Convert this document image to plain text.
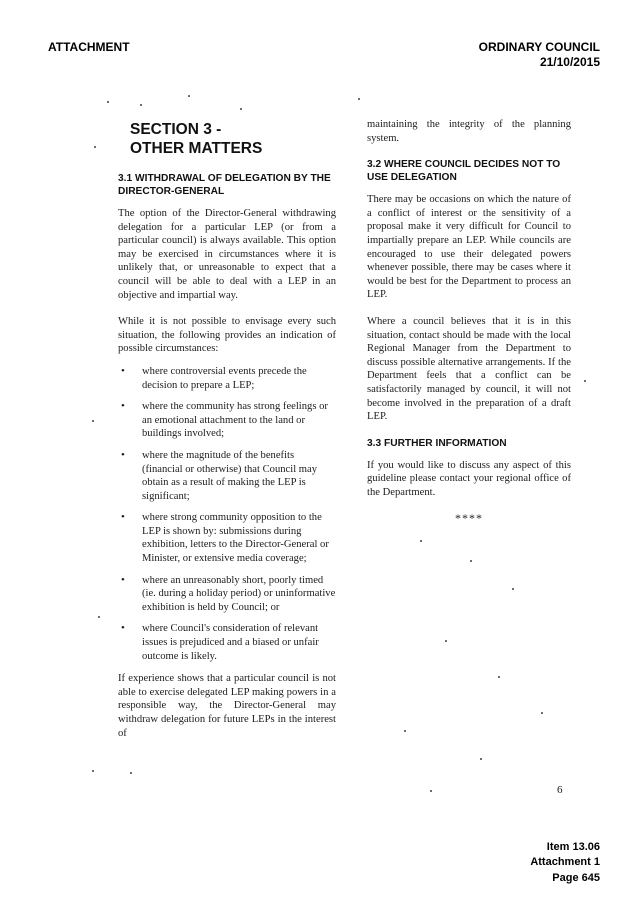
ATTACHMENT	ORDINARY COUNCIL
21/10/2015
SECTION 3 -
OTHER MATTERS
3.1 WITHDRAWAL OF DELEGATION BY THE DIRECTOR-GENERAL

The option of the Director-General withdrawing delegation for a particular LEP (or from a particular council) is always available. This option may be exercised in circumstances where it is unlikely that, or unreasonable to expect that a council will be able to deal with a LEP in an objective and impartial way.

While it is not possible to envisage every such situation, the following provides an indication of possible circumstances:

• where controversial events precede the decision to prepare a LEP;
• where the community has strong feelings or an emotional attachment to the land or buildings involved;
• where the magnitude of the benefits (financial or otherwise) that Council may obtain as a result of making the LEP is significant;
• where strong community opposition to the LEP is shown by: submissions during exhibition, letters to the Director-General or Minister, or extensive media coverage;
• where an unreasonably short, poorly timed (ie. during a holiday period) or uninformative exhibition is held by Council; or
• where Council's consideration of relevant issues is prejudiced and a biased or unfair outcome is likely.

If experience shows that a particular council is not able to exercise delegated LEP making powers in a responsible way, the Director-General may withdraw delegation for future LEPs in the interest of

maintaining the integrity of the planning system.

3.2 WHERE COUNCIL DECIDES NOT TO USE DELEGATION

There may be occasions on which the nature of a conflict of interest or the sensitivity of a proposal make it very difficult for Council to impartially prepare an LEP. While councils are encouraged to use their delegated powers whenever possible, there may be cases where it would be best for the Department to process an LEP.

Where a council believes that it is in this situation, contact should be made with the local Regional Manager from the Department to discuss possible alternative arrangements. If the Department feels that a conflict can be satisfactorily managed by council, it will not become involved in the preparation of a draft LEP.

3.3 FURTHER INFORMATION

If you would like to discuss any aspect of this guideline please contact your regional office of the Department.

****
6
Item 13.06
Attachment 1
Page 645
